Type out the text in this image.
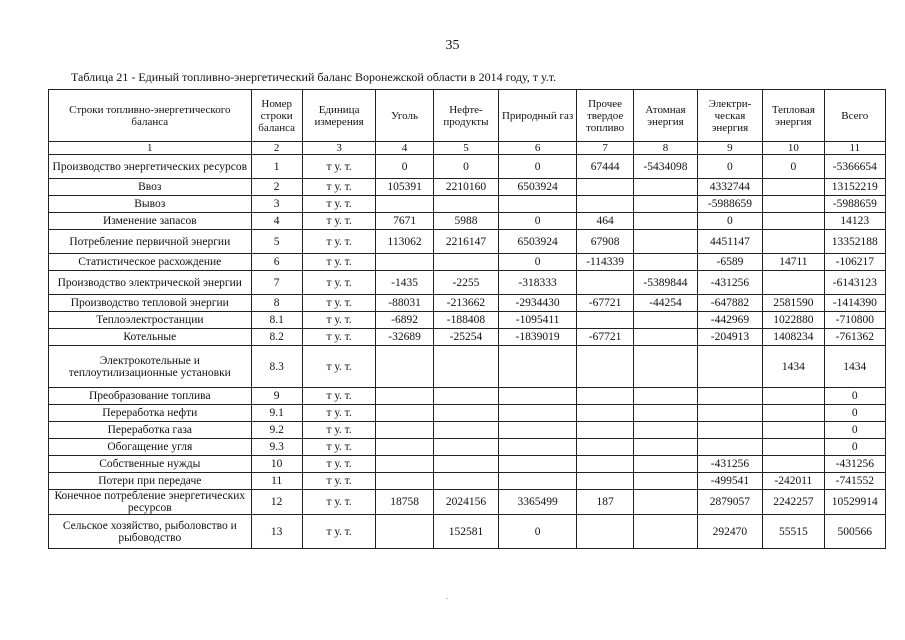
35
Таблица 21 - Единый топливно-энергетический баланс Воронежской области в 2014 году, т у.т.
Строки топливно-энергетического баланса	Номер строки баланса	Единица измерения	Уголь	Нефте-продукты	Природный газ	Прочее твердое топливо	Атомная энергия	Электри-ческая энергия	Тепловая энергия	Всего
1	2	3	4	5	6	7	8	9	10	11
Производство энергетических ресурсов	1	т у. т.	0	0	0	67444	-5434098	0	0	-5366654
Ввоз	2	т у. т.	105391	2210160	6503924			4332744		13152219
Вывоз	3	т у. т.						-5988659		-5988659
Изменение запасов	4	т у. т.	7671	5988	0	464		0		14123
Потребление первичной энергии	5	т у. т.	113062	2216147	6503924	67908		4451147		13352188
Статистическое расхождение	6	т у. т.			0	-114339		-6589	14711	-106217
Производство электрической энергии	7	т у. т.	-1435	-2255	-318333		-5389844	-431256		-6143123
Производство тепловой энергии	8	т у. т.	-88031	-213662	-2934430	-67721	-44254	-647882	2581590	-1414390
Теплоэлектростанции	8.1	т у. т.	-6892	-188408	-1095411			-442969	1022880	-710800
Котельные	8.2	т у. т.	-32689	-25254	-1839019	-67721		-204913	1408234	-761362
Электрокотельные и теплоутилизационные установки	8.3	т у. т.							1434	1434
Преобразование топлива	9	т у. т.								0
Переработка нефти	9.1	т у. т.								0
Переработка газа	9.2	т у. т.								0
Обогащение угля	9.3	т у. т.								0
Собственные нужды	10	т у. т.						-431256		-431256
Потери при передаче	11	т у. т.						-499541	-242011	-741552
Конечное потребление энергетических ресурсов	12	т у. т.	18758	2024156	3365499	187		2879057	2242257	10529914
Сельское хозяйство, рыболовство и рыбоводство	13	т у. т.		152581	0			292470	55515	500566
